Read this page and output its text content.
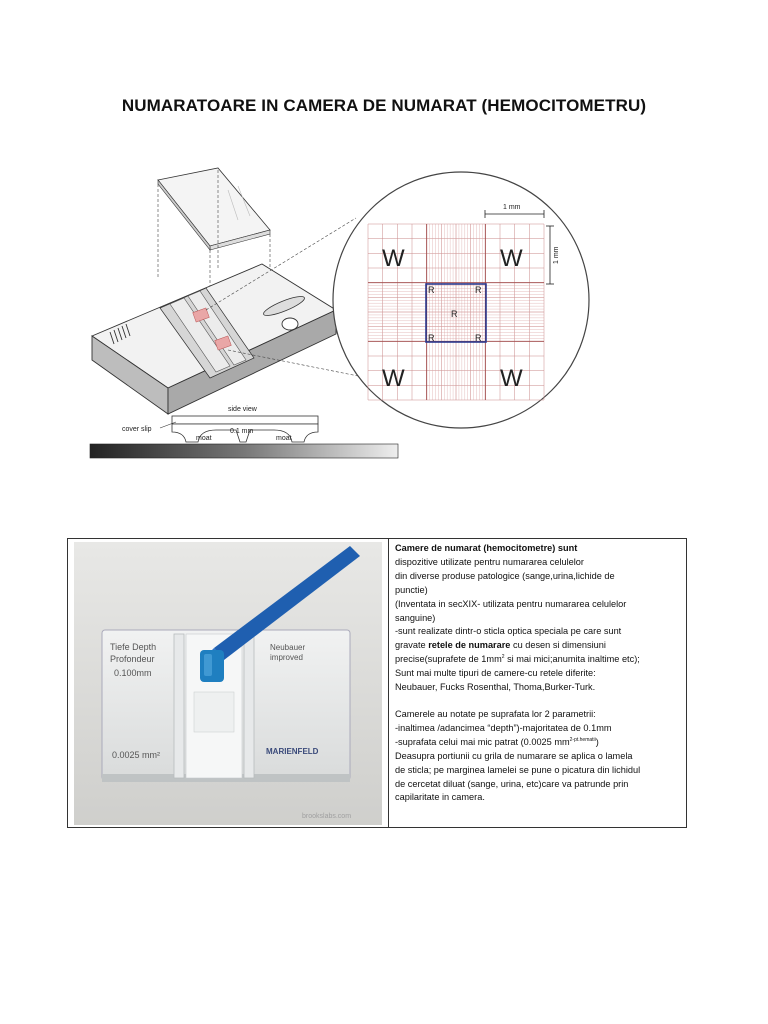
NUMARATOARE IN CAMERA DE NUMARAT (HEMOCITOMETRU)
side view
cover slip
moat	moat
0.1 mm
1 mm
1 mm
W	W
W	W
R	R
R
R	R
Tiefe Depth
Profondeur
0.100mm
0.0025 mm²
Neubauer
improved
MARIENFELD
brookslabs.com

Camere de numarat (hemocitometre) sunt

dispozitive utilizate pentru numararea celulelor

din diverse produse patologice (sange,urina,lichide de

punctie)

(Inventata in secXIX- utilizata pentru numararea celulelor

sanguine)

-sunt realizate dintr-o sticla optica speciala pe care sunt

gravate retele de numarare cu desen si dimensiuni

precise(suprafete de $1mm^2$ si mai mici;anumita inaltime etc);

Sunt mai multe tipuri de camere-cu retele diferite:

Neubauer, Fucks Rosenthal, Thoma,Burker-Turk.

Camerele au notate pe suprafata lor 2 parametrii:

-inaltimea /adancimea “depth”)-majoritatea de 0.1mm

-suprafata celui mai mic patrat (0.0025 $mm^{2-pt.hematii}$)

Deasupra portiunii cu grila de numarare se aplica o lamela

de sticla; pe marginea lamelei se pune o picatura din lichidul

de cercetat diluat (sange, urina, etc)care va patrunde prin

capilaritate in camera.
